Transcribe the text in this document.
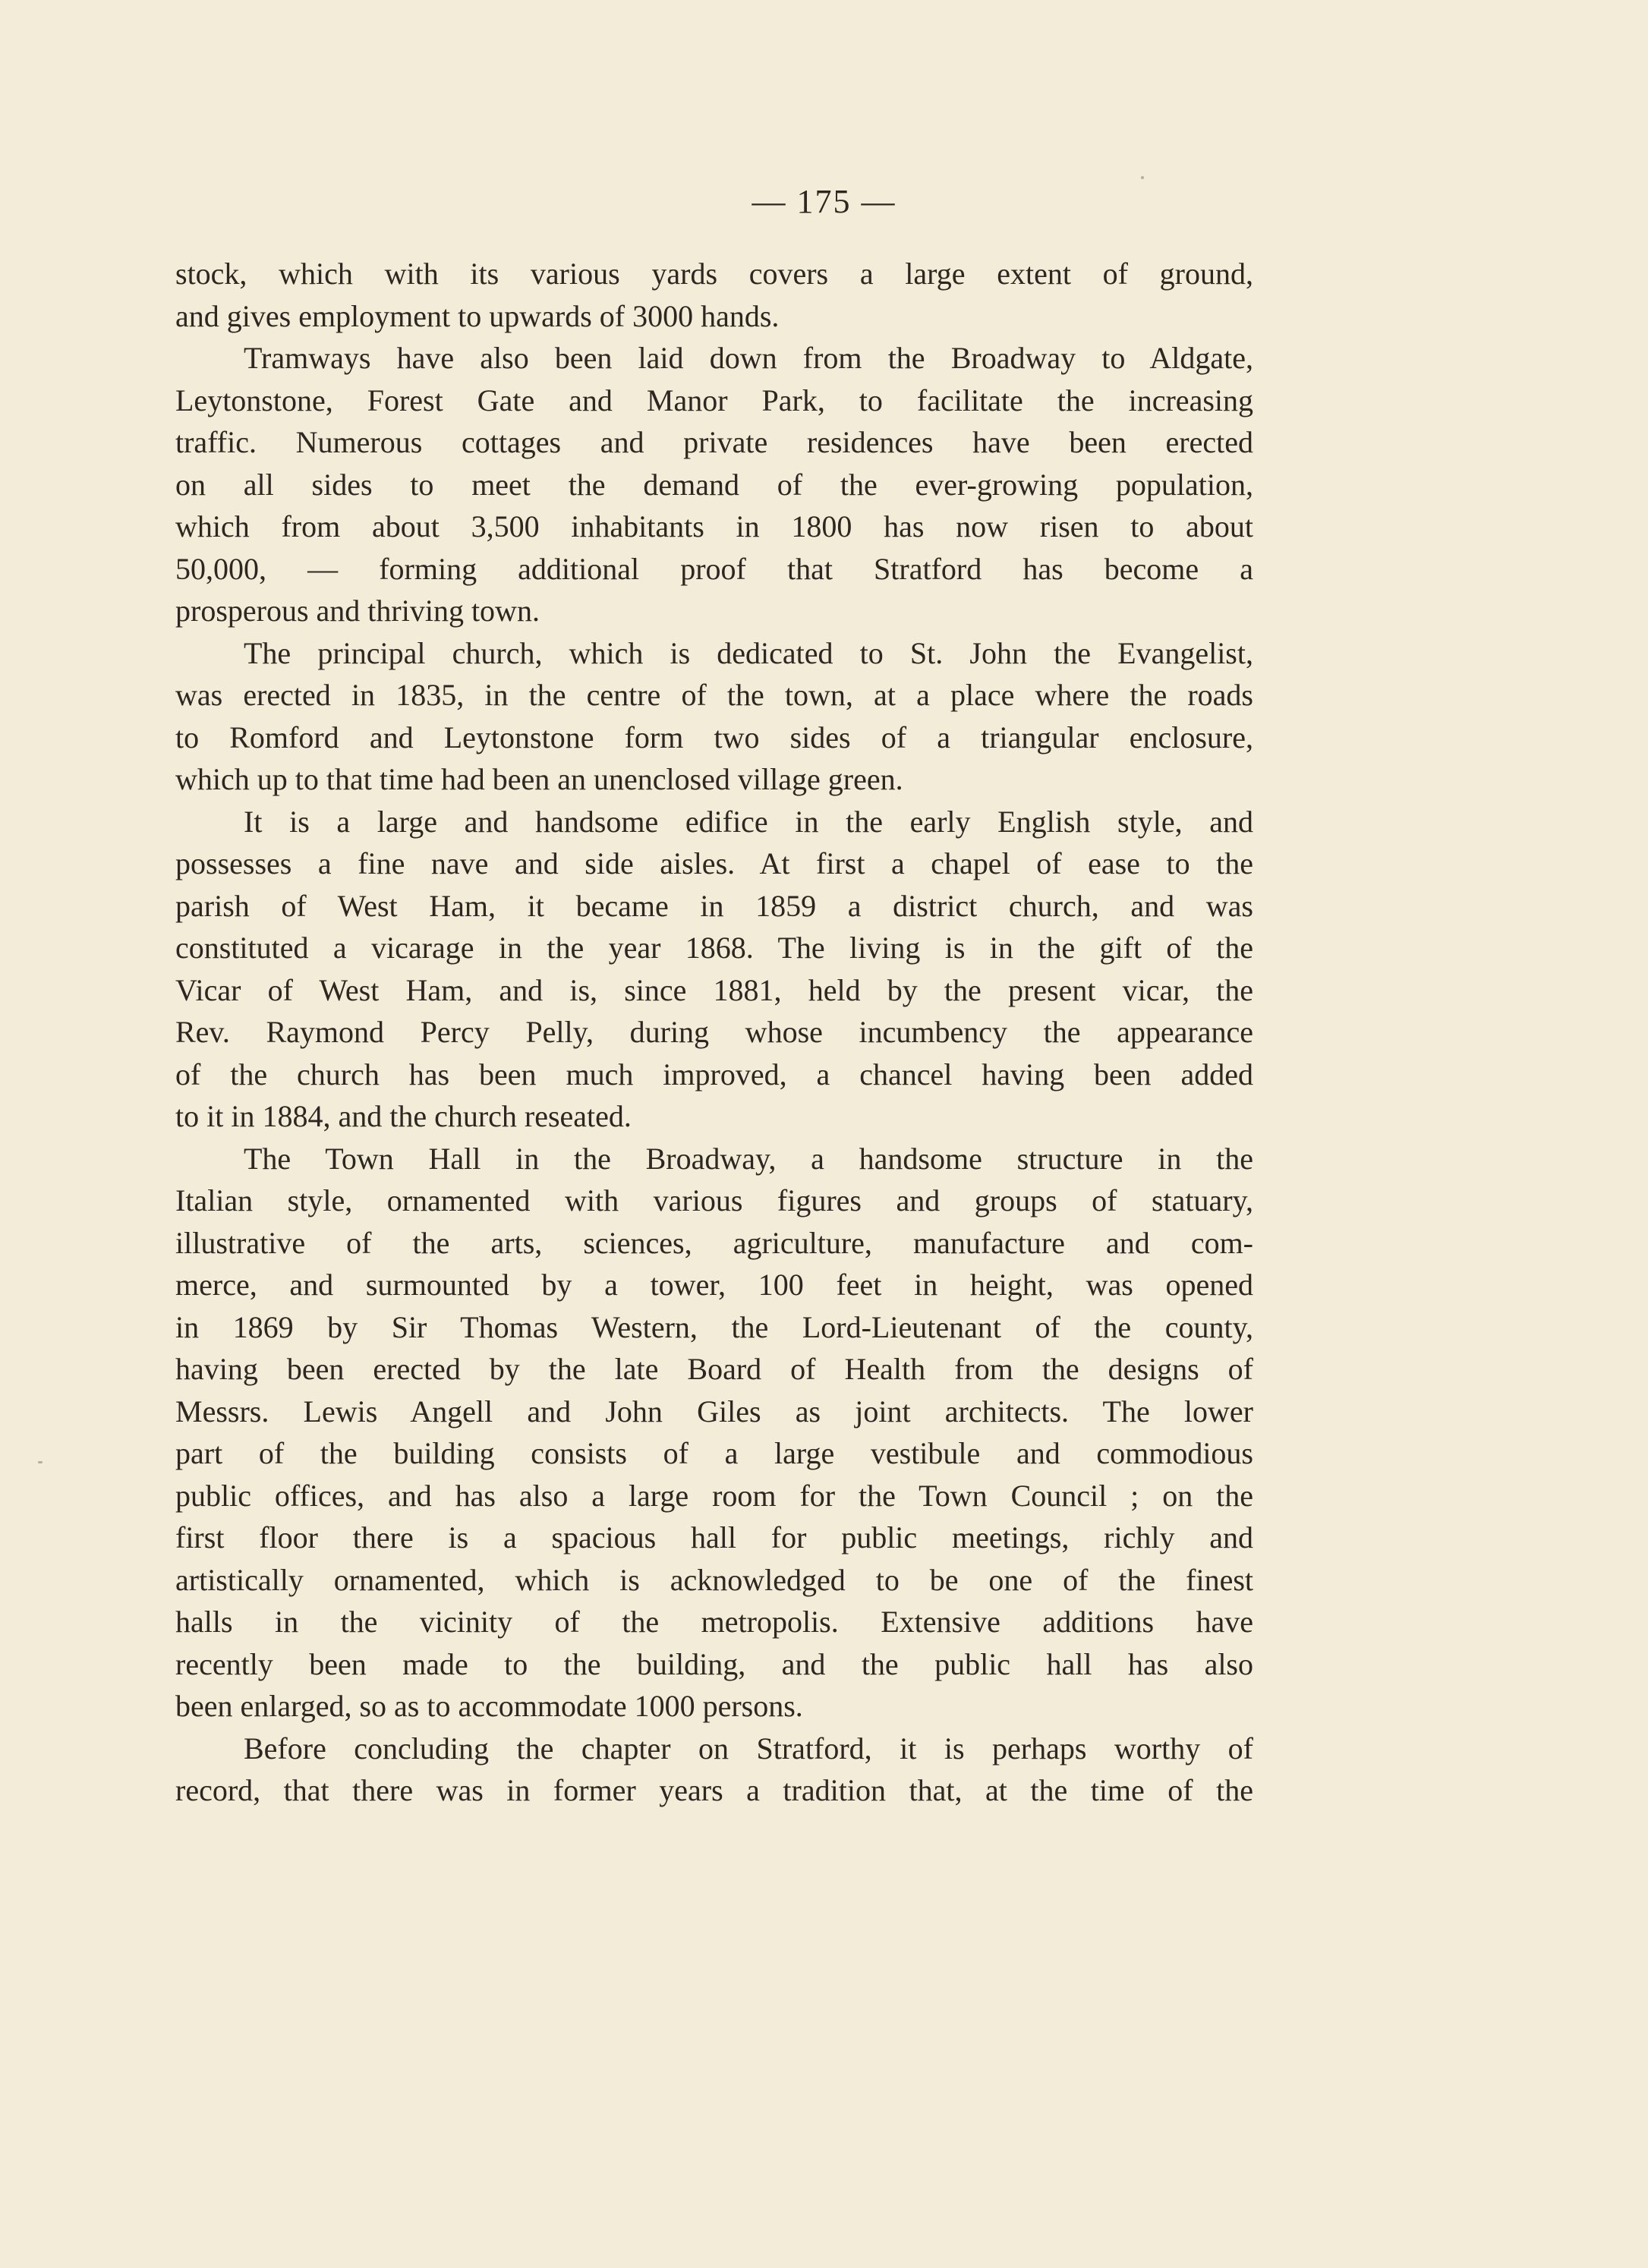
— 175 —
stock, which with its various yards covers a large extent of ground,
and gives employment to upwards of 3000 hands.
Tramways have also been laid down from the Broadway to Aldgate,
Leytonstone, Forest Gate and Manor Park, to facilitate the increasing
traffic. Numerous cottages and private residences have been erected
on all sides to meet the demand of the ever-growing population,
which from about 3,500 inhabitants in 1800 has now risen to about
50,000, — forming additional proof that Stratford has become a
prosperous and thriving town.
The principal church, which is dedicated to St. John the Evangelist,
was erected in 1835, in the centre of the town, at a place where the roads
to Romford and Leytonstone form two sides of a triangular enclosure,
which up to that time had been an unenclosed village green.
It is a large and handsome edifice in the early English style, and
possesses a fine nave and side aisles. At first a chapel of ease to the
parish of West Ham, it became in 1859 a district church, and was
constituted a vicarage in the year 1868. The living is in the gift of the
Vicar of West Ham, and is, since 1881, held by the present vicar, the
Rev. Raymond Percy Pelly, during whose incumbency the appearance
of the church has been much improved, a chancel having been added
to it in 1884, and the church reseated.
The Town Hall in the Broadway, a handsome structure in the
Italian style, ornamented with various figures and groups of statuary,
illustrative of the arts, sciences, agriculture, manufacture and com-
merce, and surmounted by a tower, 100 feet in height, was opened
in 1869 by Sir Thomas Western, the Lord-Lieutenant of the county,
having been erected by the late Board of Health from the designs of
Messrs. Lewis Angell and John Giles as joint architects. The lower
part of the building consists of a large vestibule and commodious
public offices, and has also a large room for the Town Council ; on the
first floor there is a spacious hall for public meetings, richly and
artistically ornamented, which is acknowledged to be one of the finest
halls in the vicinity of the metropolis. Extensive additions have
recently been made to the building, and the public hall has also
been enlarged, so as to accommodate 1000 persons.
Before concluding the chapter on Stratford, it is perhaps worthy of
record, that there was in former years a tradition that, at the time of the
